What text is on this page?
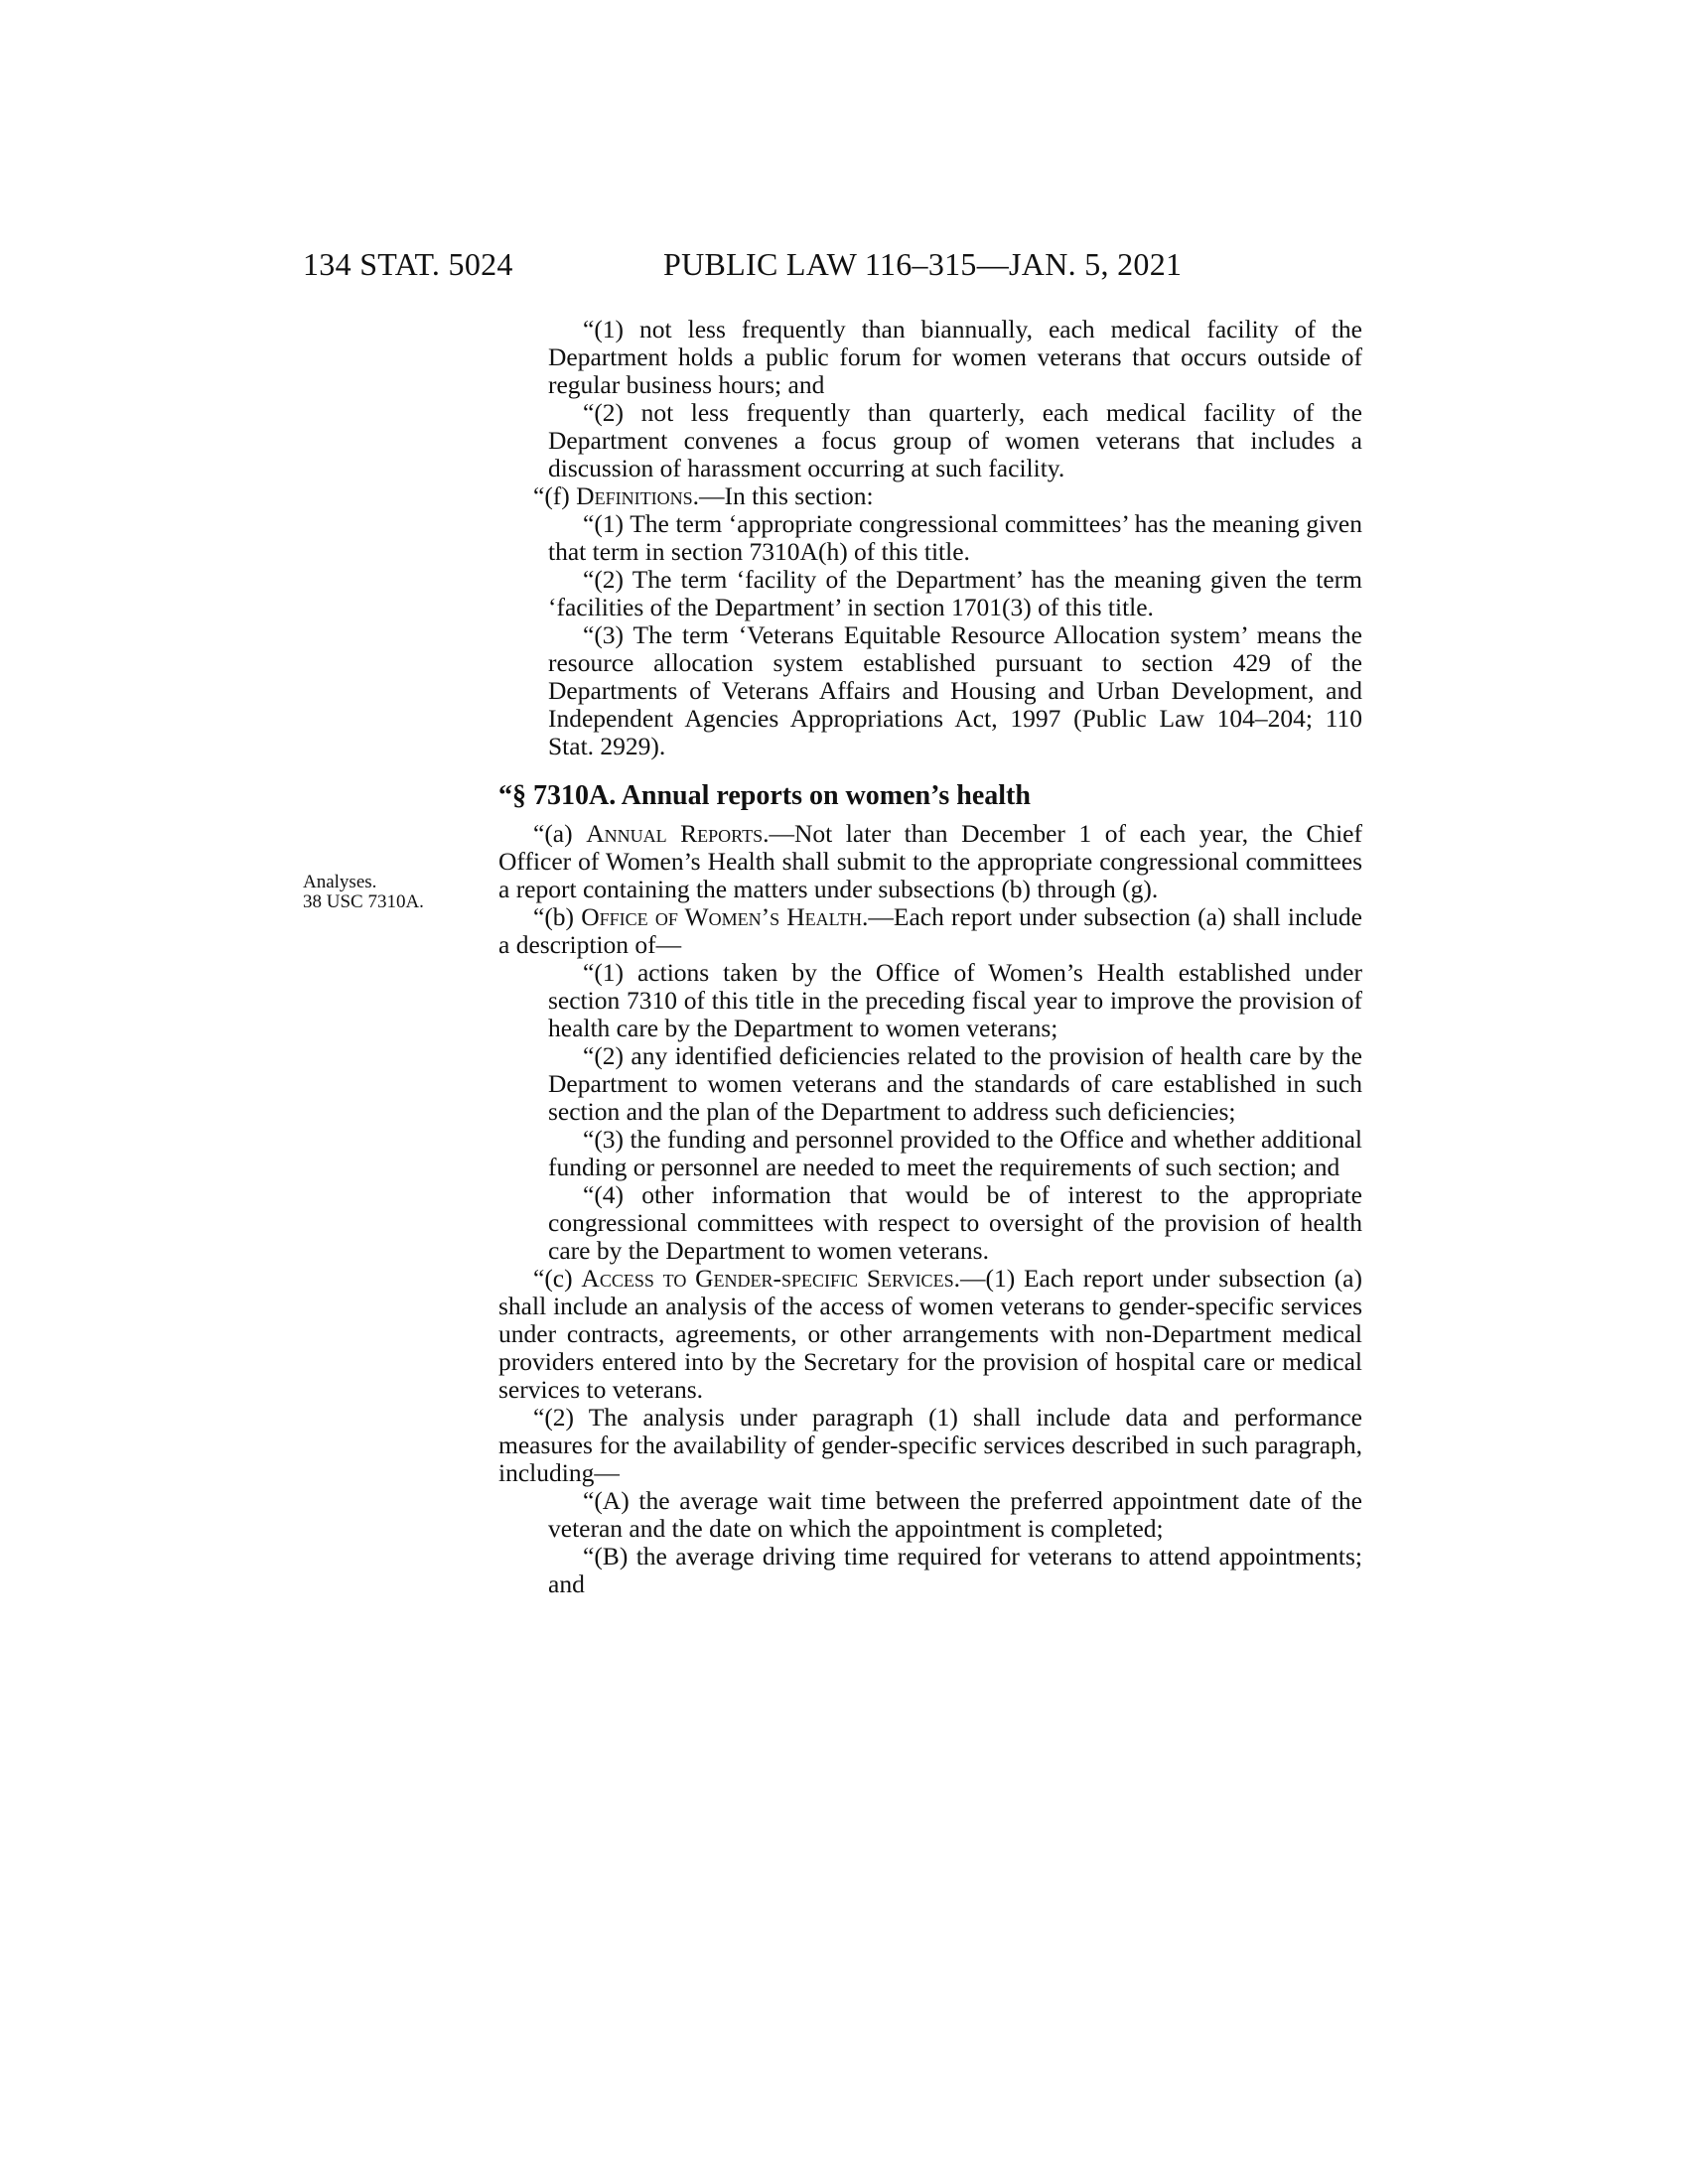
134 STAT. 5024	PUBLIC LAW 116–315—JAN. 5, 2021
Analyses.
38 USC 7310A.

“(1) not less frequently than biannually, each medical facility of the Department holds a public forum for women veterans that occurs outside of regular business hours; and

“(2) not less frequently than quarterly, each medical facility of the Department convenes a focus group of women veterans that includes a discussion of harassment occurring at such facility.

“(f) Definitions.—In this section:

“(1) The term ‘appropriate congressional committees’ has the meaning given that term in section 7310A(h) of this title.

“(2) The term ‘facility of the Department’ has the meaning given the term ‘facilities of the Department’ in section 1701(3) of this title.

“(3) The term ‘Veterans Equitable Resource Allocation system’ means the resource allocation system established pursuant to section 429 of the Departments of Veterans Affairs and Housing and Urban Development, and Independent Agencies Appropriations Act, 1997 (Public Law 104–204; 110 Stat. 2929).

“§ 7310A. Annual reports on women’s health

“(a) Annual Reports.—Not later than December 1 of each year, the Chief Officer of Women’s Health shall submit to the appropriate congressional committees a report containing the matters under subsections (b) through (g).

“(b) Office of Women’s Health.—Each report under subsection (a) shall include a description of—

“(1) actions taken by the Office of Women’s Health established under section 7310 of this title in the preceding fiscal year to improve the provision of health care by the Department to women veterans;

“(2) any identified deficiencies related to the provision of health care by the Department to women veterans and the standards of care established in such section and the plan of the Department to address such deficiencies;

“(3) the funding and personnel provided to the Office and whether additional funding or personnel are needed to meet the requirements of such section; and

“(4) other information that would be of interest to the appropriate congressional committees with respect to oversight of the provision of health care by the Department to women veterans.

“(c) Access to Gender-specific Services.—(1) Each report under subsection (a) shall include an analysis of the access of women veterans to gender-specific services under contracts, agreements, or other arrangements with non-Department medical providers entered into by the Secretary for the provision of hospital care or medical services to veterans.

“(2) The analysis under paragraph (1) shall include data and performance measures for the availability of gender-specific services described in such paragraph, including—

“(A) the average wait time between the preferred appointment date of the veteran and the date on which the appointment is completed;

“(B) the average driving time required for veterans to attend appointments; and
